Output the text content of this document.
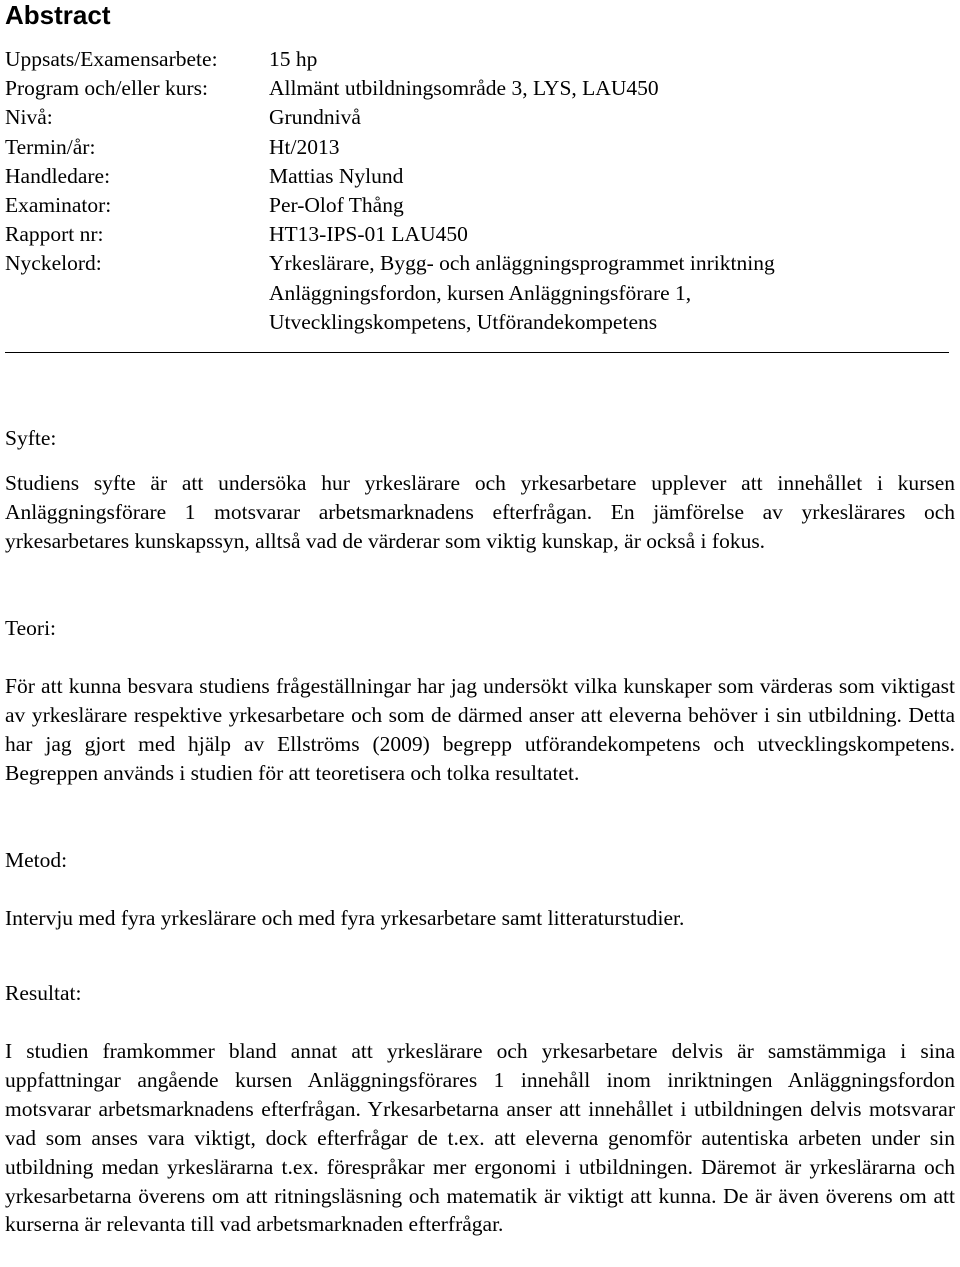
Abstract
Uppsats/Examensarbete:	15 hp
Program och/eller kurs:	Allmänt utbildningsområde 3, LYS, LAU450
Nivå:	Grundnivå
Termin/år:	Ht/2013
Handledare:	Mattias Nylund
Examinator:	Per-Olof Thång
Rapport nr:	HT13-IPS-01 LAU450
Nyckelord:	Yrkeslärare, Bygg- och anläggningsprogrammet inriktning
Anläggningsfordon, kursen Anläggningsförare 1,
Utvecklingskompetens, Utförandekompetens
Syfte:
Studiens syfte är att undersöka hur yrkeslärare och yrkesarbetare upplever att innehållet i kursen Anläggningsförare 1 motsvarar arbetsmarknadens efterfrågan. En jämförelse av yrkeslärares och yrkesarbetares kunskapssyn, alltså vad de värderar som viktig kunskap, är också i fokus.
Teori:
För att kunna besvara studiens frågeställningar har jag undersökt vilka kunskaper som värderas som viktigast av yrkeslärare respektive yrkesarbetare och som de därmed anser att eleverna behöver i sin utbildning. Detta har jag gjort med hjälp av Ellströms (2009) begrepp utförandekompetens och utvecklingskompetens. Begreppen används i studien för att teoretisera och tolka resultatet.
Metod:
Intervju med fyra yrkeslärare och med fyra yrkesarbetare samt litteraturstudier.
Resultat:
I studien framkommer bland annat att yrkeslärare och yrkesarbetare delvis är samstämmiga i sina uppfattningar angående kursen Anläggningsförares 1 innehåll inom inriktningen Anläggningsfordon motsvarar arbetsmarknadens efterfrågan. Yrkesarbetarna anser att innehållet i utbildningen delvis motsvarar vad som anses vara viktigt, dock efterfrågar de t.ex. att eleverna genomför autentiska arbeten under sin utbildning medan yrkeslärarna t.ex. förespråkar mer ergonomi i utbildningen. Däremot är yrkeslärarna och yrkesarbetarna överens om att ritningsläsning och matematik är viktigt att kunna. De är även överens om att kurserna är relevanta till vad arbetsmarknaden efterfrågar.
